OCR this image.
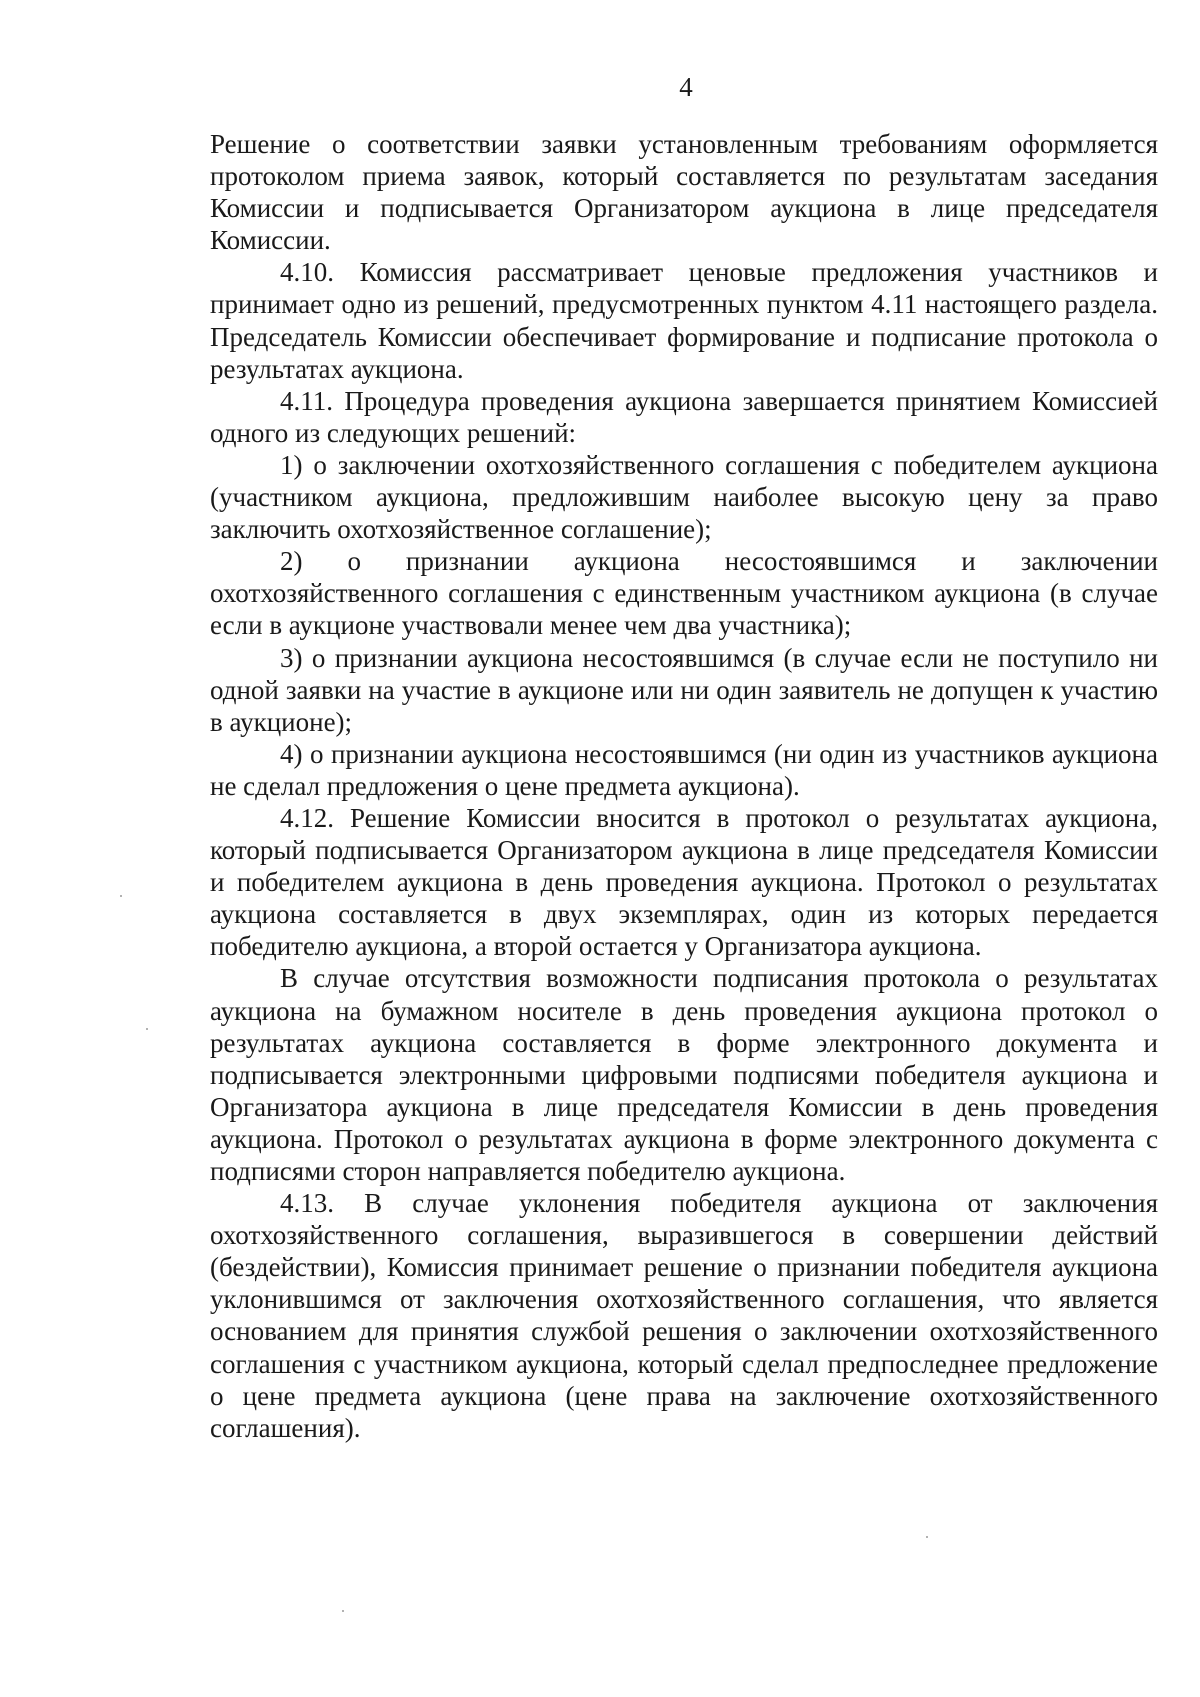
4

Решение о соответствии заявки установленным требованиям оформляется протоколом приема заявок, который составляется по результатам заседания Комиссии и подписывается Организатором аукциона в лице председателя Комиссии.

4.10. Комиссия рассматривает ценовые предложения участников и принимает одно из решений, предусмотренных пунктом 4.11 настоящего раздела. Председатель Комиссии обеспечивает формирование и подписание протокола о результатах аукциона.

4.11. Процедура проведения аукциона завершается принятием Комиссией одного из следующих решений:

1) о заключении охотхозяйственного соглашения с победителем аукциона (участником аукциона, предложившим наиболее высокую цену за право заключить охотхозяйственное соглашение);

2) о признании аукциона несостоявшимся и заключении охотхозяйственного соглашения с единственным участником аукциона (в случае если в аукционе участвовали менее чем два участника);

3) о признании аукциона несостоявшимся (в случае если не поступило ни одной заявки на участие в аукционе или ни один заявитель не допущен к участию в аукционе);

4) о признании аукциона несостоявшимся (ни один из участников аукциона не сделал предложения о цене предмета аукциона).

4.12. Решение Комиссии вносится в протокол о результатах аукциона, который подписывается Организатором аукциона в лице председателя Комиссии и победителем аукциона в день проведения аукциона. Протокол о результатах аукциона составляется в двух экземплярах, один из которых передается победителю аукциона, а второй остается у Организатора аукциона.

В случае отсутствия возможности подписания протокола о результатах аукциона на бумажном носителе в день проведения аукциона протокол о результатах аукциона составляется в форме электронного документа и подписывается электронными цифровыми подписями победителя аукциона и Организатора аукциона в лице председателя Комиссии в день проведения аукциона. Протокол о результатах аукциона в форме электронного документа с подписями сторон направляется победителю аукциона.

4.13. В случае уклонения победителя аукциона от заключения охотхозяйственного соглашения, выразившегося в совершении действий (бездействии), Комиссия принимает решение о признании победителя аукциона уклонившимся от заключения охотхозяйственного соглашения, что является основанием для принятия службой решения о заключении охотхозяйственного соглашения с участником аукциона, который сделал предпоследнее предложение о цене предмета аукциона (цене права на заключение охотхозяйственного соглашения).
